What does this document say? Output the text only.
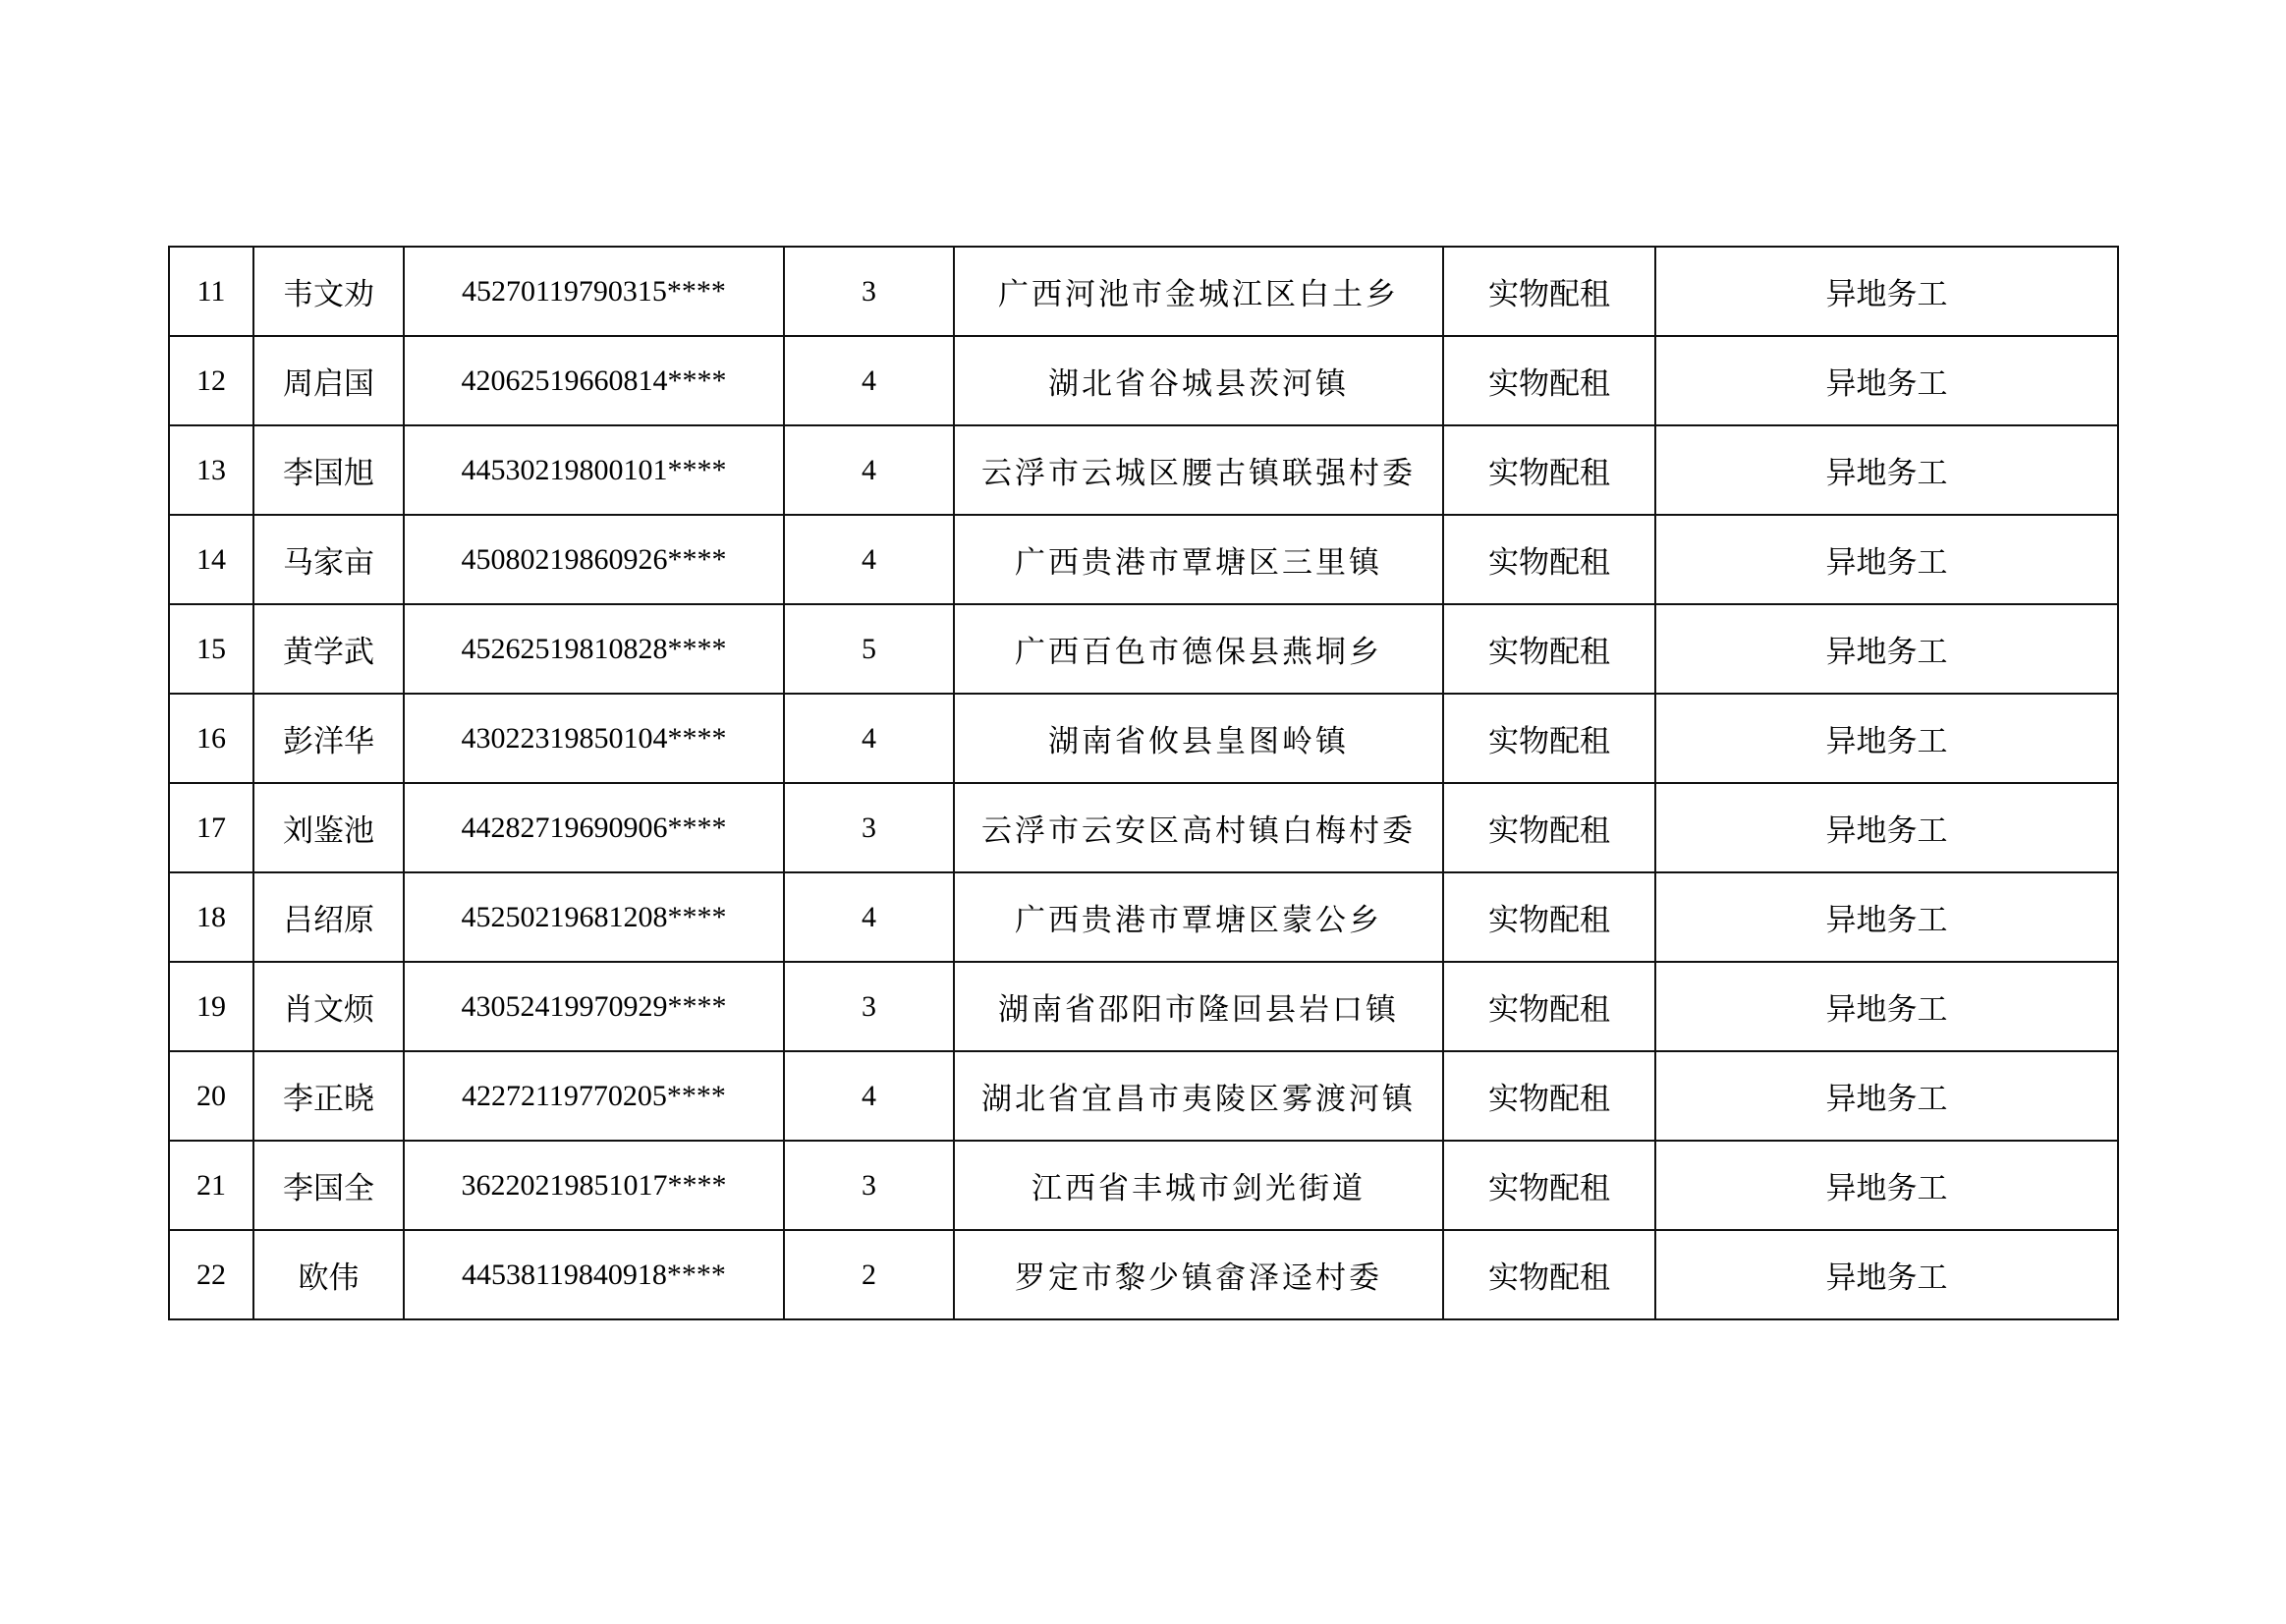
11	韦文劝	45270119790315****	3	广西河池市金城江区白土乡	实物配租	异地务工
12	周启国	42062519660814****	4	湖北省谷城县茨河镇	实物配租	异地务工
13	李国旭	44530219800101****	4	云浮市云城区腰古镇联强村委	实物配租	异地务工
14	马家亩	45080219860926****	4	广西贵港市覃塘区三里镇	实物配租	异地务工
15	黄学武	45262519810828****	5	广西百色市德保县燕垌乡	实物配租	异地务工
16	彭洋华	43022319850104****	4	湖南省攸县皇图岭镇	实物配租	异地务工
17	刘鉴池	44282719690906****	3	云浮市云安区高村镇白梅村委	实物配租	异地务工
18	吕绍原	45250219681208****	4	广西贵港市覃塘区蒙公乡	实物配租	异地务工
19	肖文烦	43052419970929****	3	湖南省邵阳市隆回县岩口镇	实物配租	异地务工
20	李正晓	42272119770205****	4	湖北省宜昌市夷陵区雾渡河镇	实物配租	异地务工
21	李国全	36220219851017****	3	江西省丰城市剑光街道	实物配租	异地务工
22	欧伟	44538119840918****	2	罗定市黎少镇畲泽迳村委	实物配租	异地务工
